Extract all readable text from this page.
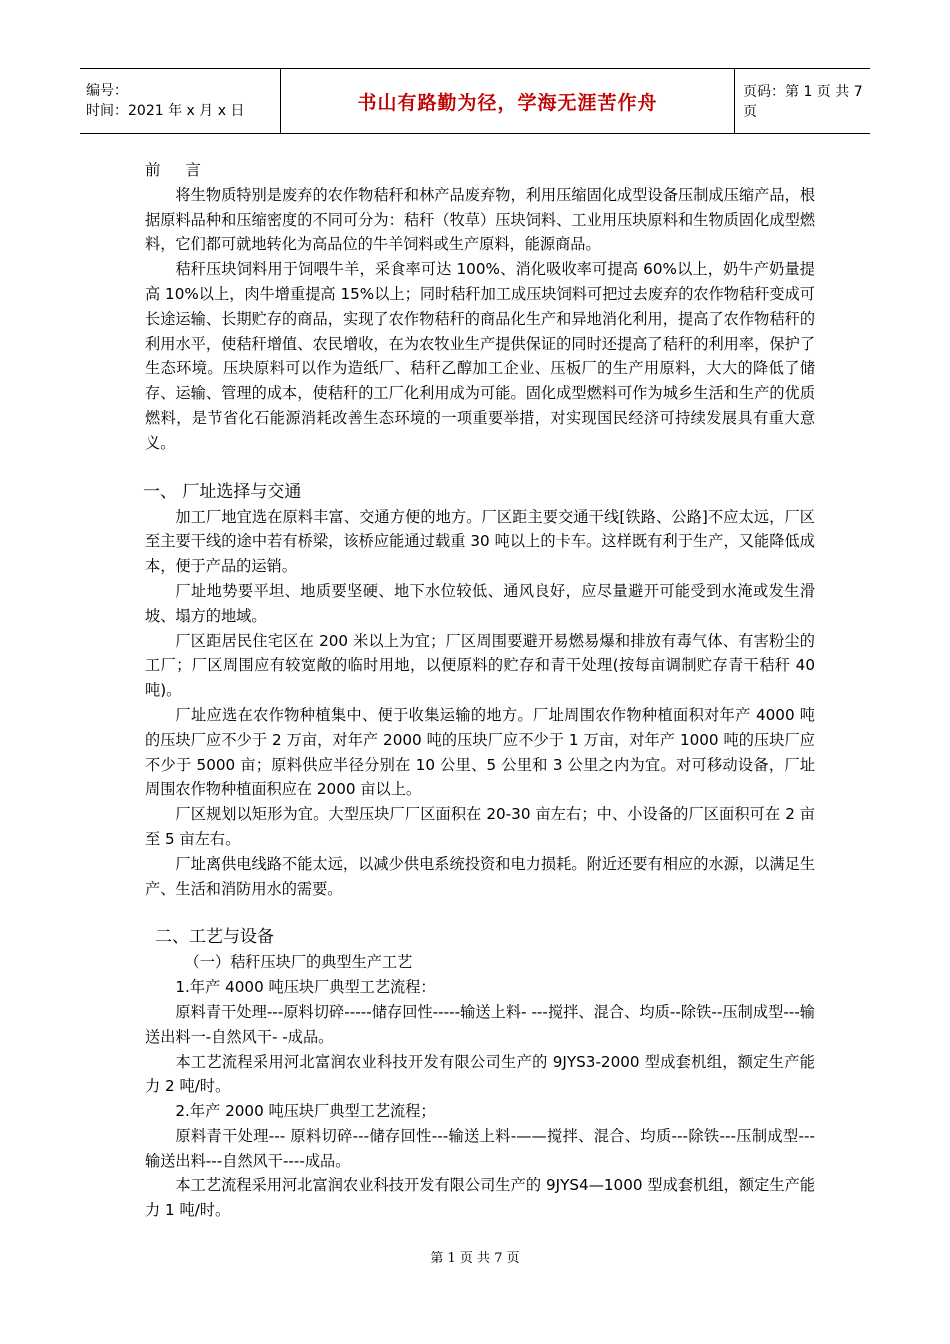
编号：
时间：2021 年 x 月 x 日	书山有路勤为径，学海无涯苦作舟	页码：第 1 页 共 7 页

前 言

将生物质特别是废弃的农作物秸秆和林产品废弃物，利用压缩固化成型设备压制成压缩产品，根据原料品种和压缩密度的不同可分为：秸秆（牧草）压块饲料、工业用压块原料和生物质固化成型燃料，它们都可就地转化为高品位的牛羊饲料或生产原料，能源商品。

秸秆压块饲料用于饲喂牛羊，采食率可达 100%、消化吸收率可提高 60%以上，奶牛产奶量提高 10%以上，肉牛增重提高 15%以上；同时秸秆加工成压块饲料可把过去废弃的农作物秸秆变成可长途运输、长期贮存的商品，实现了农作物秸秆的商品化生产和异地消化利用，提高了农作物秸秆的利用水平，使秸秆增值、农民增收，在为农牧业生产提供保证的同时还提高了秸秆的利用率，保护了生态环境。压块原料可以作为造纸厂、秸秆乙醇加工企业、压板厂的生产用原料，大大的降低了储存、运输、管理的成本，使秸秆的工厂化利用成为可能。固化成型燃料可作为城乡生活和生产的优质燃料，是节省化石能源消耗改善生态环境的一项重要举措，对实现国民经济可持续发展具有重大意义。

一、 厂址选择与交通

加工厂地宜选在原料丰富、交通方便的地方。厂区距主要交通干线[铁路、公路]不应太远，厂区至主要干线的途中若有桥梁，该桥应能通过载重 30 吨以上的卡车。这样既有利于生产，又能降低成本，便于产品的运销。

厂址地势要平坦、地质要坚硬、地下水位较低、通风良好，应尽量避开可能受到水淹或发生滑坡、塌方的地域。

厂区距居民住宅区在 200 米以上为宜；厂区周围要避开易燃易爆和排放有毒气体、有害粉尘的工厂；厂区周围应有较宽敞的临时用地，以便原料的贮存和青干处理(按每亩调制贮存青干秸秆 40 吨)。

厂址应选在农作物种植集中、便于收集运输的地方。厂址周围农作物种植面积对年产 4000 吨的压块厂应不少于 2 万亩，对年产 2000 吨的压块厂应不少于 1 万亩，对年产 1000 吨的压块厂应不少于 5000 亩；原料供应半径分别在 10 公里、5 公里和 3 公里之内为宜。对可移动设备，厂址周围农作物种植面积应在 2000 亩以上。

厂区规划以矩形为宜。大型压块厂厂区面积在 20-30 亩左右；中、小设备的厂区面积可在 2 亩至 5 亩左右。

厂址离供电线路不能太远，以减少供电系统投资和电力损耗。附近还要有相应的水源，以满足生产、生活和消防用水的需要。

二、工艺与设备

（一）秸秆压块厂的典型生产工艺

1.年产 4000 吨压块厂典型工艺流程：

原料青干处理---原料切碎-----储存回性-----输送上料- ---搅拌、混合、均质--除铁--压制成型---输送出料一-自然风干- -成品。

本工艺流程采用河北富润农业科技开发有限公司生产的 9JYS3-2000 型成套机组，额定生产能力 2 吨/时。

2.年产 2000 吨压块厂典型工艺流程；

原料青干处理--- 原料切碎---储存回性---输送上料-——搅拌、混合、均质---除铁---压制成型---输送出料---自然风干----成品。

本工艺流程采用河北富润农业科技开发有限公司生产的 9JYS4—1000 型成套机组，额定生产能力 1 吨/时。

第 1 页 共 7 页
